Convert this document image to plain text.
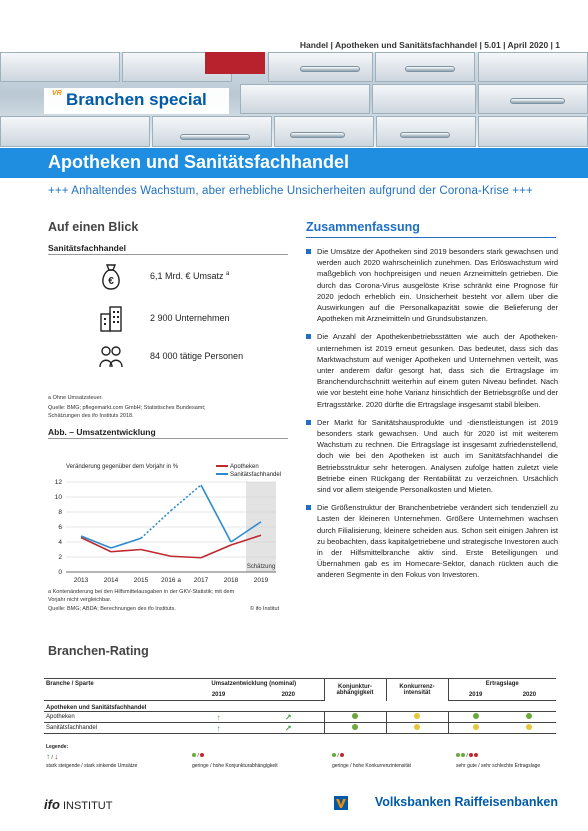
Handel | Apotheken und Sanitätsfachhandel | 5.01 | April 2020 | 1
VR Branchen special
Apotheken und Sanitätsfachhandel
+++ Anhaltendes Wachstum, aber erhebliche Unsicherheiten aufgrund der Corona-Krise +++
Auf einen Blick	Zusammenfassung
Sanitätsfachhandel
€	6,1 Mrd. € Umsatz $^a$
2 900 Unternehmen
84 000 tätige Personen
a Ohne Umsatzsteuer.
Quelle: BMG; pflegemarkt.com GmbH; Statistisches Bundesamt;
Schätzungen des ifo Instituts 2018.
Abb. – Umsatzentwicklung
Schätzung
0
2
4
6
8
10
12
2013 2014 2015 2016 a 2017 2018 2019
Veränderung gegenüber dem Vorjahr in %	Apotheken
Sanitätsfachhandel
a Kontenänderung bei den Hilfsmittelausgaben in der GKV-Statistik; mit dem
Vorjahr nicht vergleichbar.
Quelle: BMG; ABDA; Berechnungen des ifo Instituts.	© ifo Institut
Die Umsätze der Apotheken sind 2019 besonders stark gewachsen und werden auch 2020 wahrscheinlich zunehmen. Das Erlöswachstum wird maßgeblich von hochpreisigen und neuen Arzneimitteln getrieben. Die durch das Corona-Virus ausgelöste Krise schränkt eine Prognose für 2020 jedoch erheblich ein. Unsicherheit besteht vor allem über die Auswirkungen auf die Personalkapazität sowie die Belieferung der Apotheken mit Arzneimitteln und Grundsubstanzen.
Die Anzahl der Apothekenbetriebsstätten wie auch der Apotheken-unternehmen ist 2019 erneut gesunken. Das bedeutet, dass sich das Marktwachstum auf weniger Apotheken und Unternehmen verteilt, was unter anderem dafür gesorgt hat, dass sich die Ertragslage im Branchendurchschnitt weiterhin auf einem guten Niveau befindet. Nach wie vor besteht eine hohe Varianz hinsichtlich der Betriebsgröße und der Ertragsstärke. 2020 dürfte die Ertragslage insgesamt stabil bleiben.
Der Markt für Sanitätshausprodukte und -dienstleistungen ist 2019 besonders stark gewachsen. Und auch für 2020 ist mit weiterem Wachstum zu rechnen. Die Ertragslage ist insgesamt zufriedenstellend, doch wie bei den Apotheken ist auch im Sanitätsfachhandel die Betriebsstruktur sehr heterogen. Analysen zufolge hatten zuletzt viele Betriebe einen Rückgang der Rentabilität zu verzeichnen. Ursächlich sind vor allem steigende Personalkosten und Mieten.
Die Größenstruktur der Branchenbetriebe verändert sich tendenziell zu Lasten der kleineren Unternehmen. Größere Unternehmen wachsen durch Filialisierung, kleinere scheiden aus. Schon seit einigen Jahren ist zu beobachten, dass kapitalgetriebene und strategische Investoren auch in der Hilfsmittelbranche aktiv sind. Erste Beteiligungen und Übernahmen gab es im Homecare-Sektor, danach rückten auch die anderen Segmente in den Fokus von Investoren.
Branchen-Rating
Branche / Sparte	Umsatzentwicklung (nominal)		Konjunktur-abhängigkeit	Konkurrenz-intensität	Ertragslage	
	2019	2020			2019	2020
Apotheken und Sanitätsfachhandel						
Apotheken	↑	↗				
Sanitätsfachhandel	↑	↗				
Legende:
↑ / ↓
stark steigende / stark sinkende Umsätze
/
geringe / hohe Konjunkturabhängigkeit
/
geringe / hohe Konkurrenzintensität
/
sehr gute / sehr schlechte Ertragslage
ifo INSTITUT	Volksbanken Raiffeisenbanken
